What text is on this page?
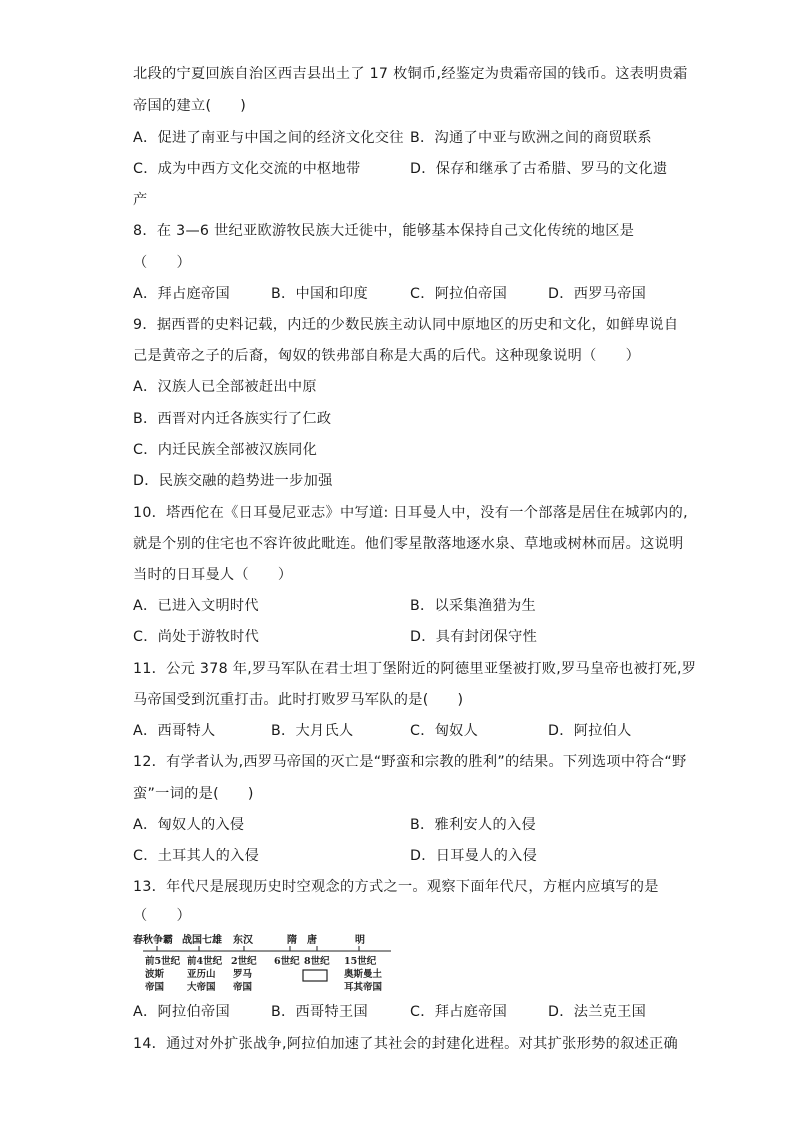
北段的宁夏回族自治区西吉县出土了 17 枚铜币,经鉴定为贵霜帝国的钱币。这表明贵霜
帝国的建立(　　)
A．促进了南亚与中国之间的经济文化交往 B．沟通了中亚与欧洲之间的商贸联系
C．成为中西方文化交流的中枢地带	D．保存和继承了古希腊、罗马的文化遗
产
8．在 3—6 世纪亚欧游牧民族大迁徙中，能够基本保持自己文化传统的地区是
（　　）
A．拜占庭帝国	B．中国和印度	C．阿拉伯帝国	D．西罗马帝国
9．据西晋的史料记载，内迁的少数民族主动认同中原地区的历史和文化，如鲜卑说自
己是黄帝之子的后裔，匈奴的铁弗部自称是大禹的后代。这种现象说明（　　）
A．汉族人已全部被赶出中原
B．西晋对内迁各族实行了仁政
C．内迁民族全部被汉族同化
D．民族交融的趋势进一步加强
10．塔西佗在《日耳曼尼亚志》中写道: 日耳曼人中，没有一个部落是居住在城郭内的,
就是个别的住宅也不容许彼此毗连。他们零星散落地逐水泉、草地或树林而居。这说明
当时的日耳曼人（　　）
A．已进入文明时代	B．以采集渔猎为生
C．尚处于游牧时代	D．具有封闭保守性
11．公元 378 年,罗马军队在君士坦丁堡附近的阿德里亚堡被打败,罗马皇帝也被打死,罗
马帝国受到沉重打击。此时打败罗马军队的是(　　)
A．西哥特人	B．大月氏人	C．匈奴人	D．阿拉伯人
12．有学者认为,西罗马帝国的灭亡是“野蛮和宗教的胜利”的结果。下列选项中符合“野
蛮”一词的是(　　)
A．匈奴人的入侵	B．雅利安人的入侵
C．土耳其人的入侵	D．日耳曼人的入侵
13．年代尺是展现历史时空观念的方式之一。观察下面年代尺，方框内应填写的是
（　　）
春秋争霸 战国七雄 东汉	隋 唐	明
前5世纪 前4世纪 2世纪 6世纪 8世纪 15世纪
波斯 亚历山 罗马	奥斯曼土
帝国 大帝国 帝国	耳其帝国
A．阿拉伯帝国	B．西哥特王国	C．拜占庭帝国	D．法兰克王国
14．通过对外扩张战争,阿拉伯加速了其社会的封建化进程。对其扩张形势的叙述正确
